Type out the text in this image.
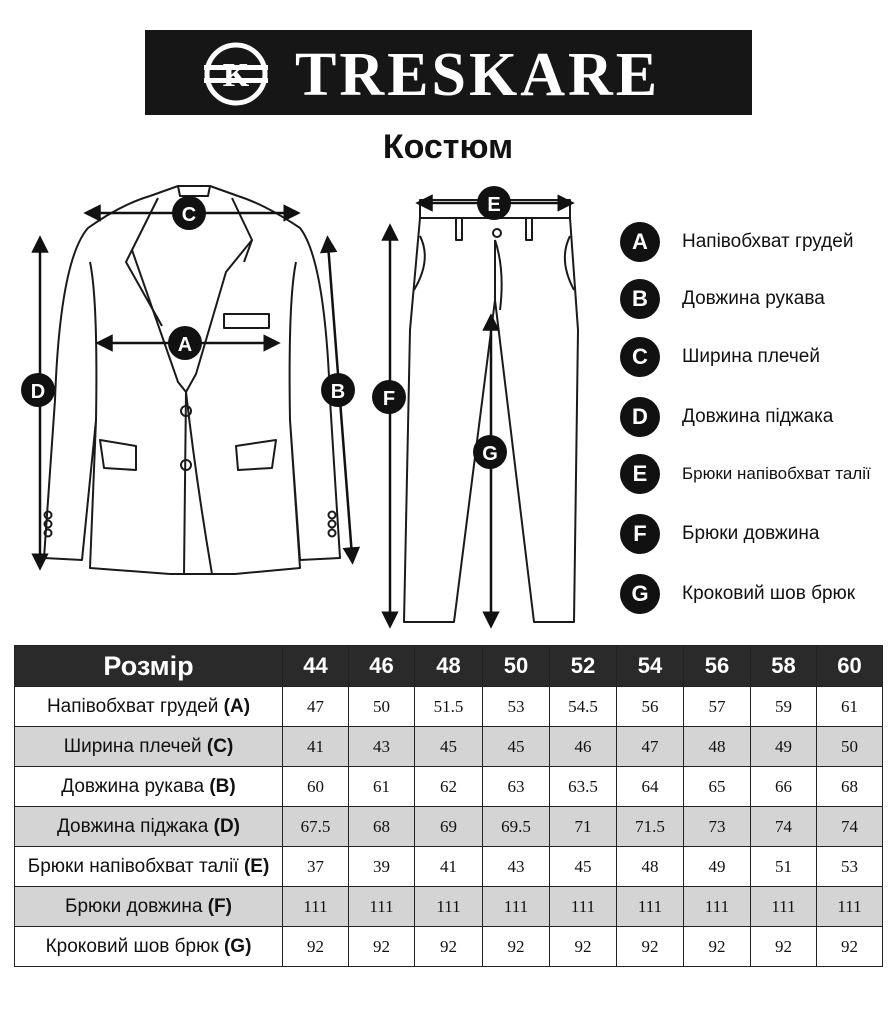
K TRESKARE
Костюм
C
A
D	B
E
F
G
A	Напівобхват грудей
B	Довжина рукава
C	Ширина плечей
D	Довжина піджака
E	Брюки напівобхват талії
F	Брюки довжина
G	Кроковий шов брюк
Розмір	44	46	48	50	52	54	56	58	60
Напівобхват грудей (A)	47	50	51.5	53	54.5	56	57	59	61
Ширина плечей (C)	41	43	45	45	46	47	48	49	50
Довжина рукава (B)	60	61	62	63	63.5	64	65	66	68
Довжина піджака (D)	67.5	68	69	69.5	71	71.5	73	74	74
Брюки напівобхват талії (E)	37	39	41	43	45	48	49	51	53
Брюки довжина (F)	111	111	111	111	111	111	111	111	111
Кроковий шов брюк (G)	92	92	92	92	92	92	92	92	92
